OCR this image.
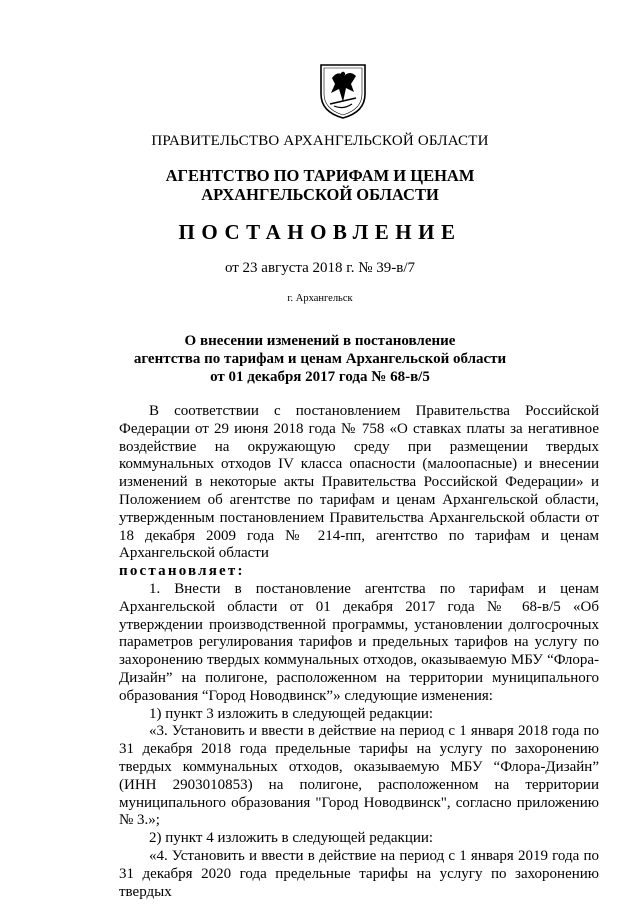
ПРАВИТЕЛЬСТВО АРХАНГЕЛЬСКОЙ ОБЛАСТИ
АГЕНТСТВО ПО ТАРИФАМ И ЦЕНАМ
АРХАНГЕЛЬСКОЙ ОБЛАСТИ
ПОСТАНОВЛЕНИЕ
от 23 августа 2018 г. № 39-в/7
г. Архангельск
О внесении изменений в постановление
агентства по тарифам и ценам Архангельской области
от 01 декабря 2017 года № 68-в/5

В соответствии с постановлением Правительства Российской Федерации от 29 июня 2018 года № 758 «О ставках платы за негативное воздействие на окружающую среду при размещении твердых коммунальных отходов IV класса опасности (малоопасные) и внесении изменений в некоторые акты Правительства Российской Федерации» и Положением об агентстве по тарифам и ценам Архангельской области, утвержденным постановлением Правительства Архангельской области от 18 декабря 2009 года № 214-пп, агентство по тарифам и ценам Архангельской области

постановляет:

1. Внести в постановление агентства по тарифам и ценам Архангельской области от 01 декабря 2017 года № 68-в/5 «Об утверждении производственной программы, установлении долгосрочных параметров регулирования тарифов и предельных тарифов на услугу по захоронению твердых коммунальных отходов, оказываемую МБУ “Флора-Дизайн” на полигоне, расположенном на территории муниципального образования “Город Новодвинск”» следующие изменения:

1) пункт 3 изложить в следующей редакции:

«3. Установить и ввести в действие на период с 1 января 2018 года по 31 декабря 2018 года предельные тарифы на услугу по захоронению твердых коммунальных отходов, оказываемую МБУ “Флора-Дизайн” (ИНН 2903010853) на полигоне, расположенном на территории муниципального образования "Город Новодвинск", согласно приложению № 3.»;

2) пункт 4 изложить в следующей редакции:

«4. Установить и ввести в действие на период с 1 января 2019 года по 31 декабря 2020 года предельные тарифы на услугу по захоронению твердых
